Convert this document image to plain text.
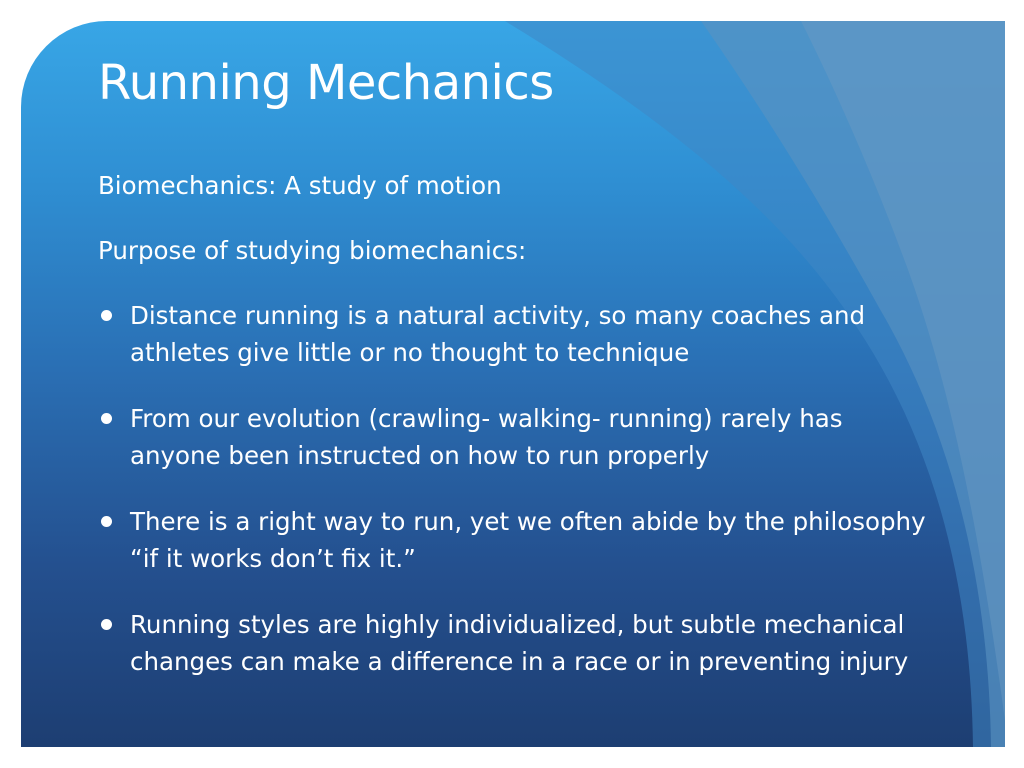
Running Mechanics

Biomechanics: A study of motion

Purpose of studying biomechanics:

Distance running is a natural activity, so many coaches and athletes give little or no thought to technique
From our evolution (crawling- walking- running) rarely has anyone been instructed on how to run properly
There is a right way to run, yet we often abide by the philosophy “if it works don’t fix it.”
Running styles are highly individualized, but subtle mechanical changes can make a difference in a race or in preventing injury
